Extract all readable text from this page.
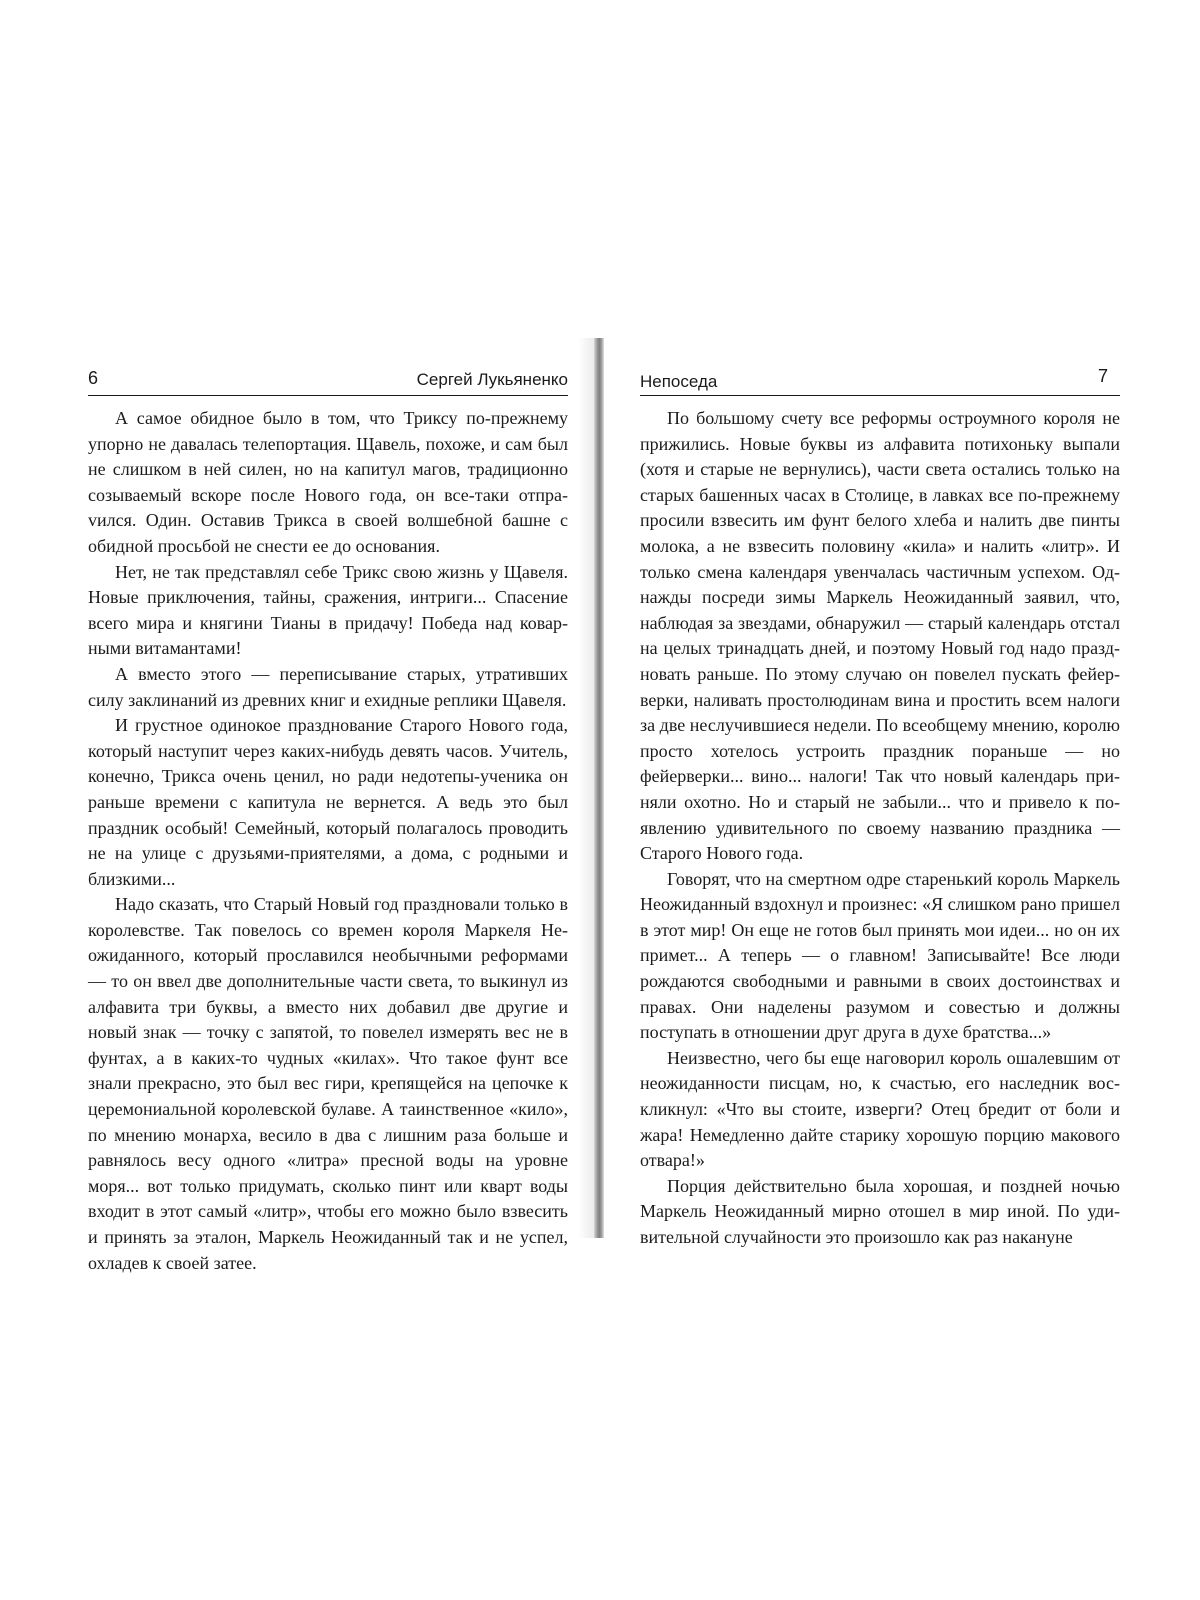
6	Сергей Лукьяненко

А самое обидное было в том, что Триксу по-прежнему упорно не давалась телепортация. Щавель, похоже, и сам был не слишком в ней силен, но на капитул магов, традиционно созываемый вскоре после Нового года, он все-таки отпраvился. Один. Оставив Трикса в своей волшебной башне с обидной просьбой не снести ее до основания.

Нет, не так представлял себе Трикс свою жизнь у Щавеля. Новые приключения, тайны, сражения, интриги... Спасение всего мира и княгини Тианы в придачу! Победа над коварными витамантами!

А вместо этого — переписывание старых, утративших силу заклинаний из древних книг и ехидные реплики Щавеля.

И грустное одинокое празднование Старого Нового года, который наступит через каких-нибудь девять часов. Учитель, конечно, Трикса очень ценил, но ради недотепы-ученика он раньше времени с капитула не вернется. А ведь это был праздник особый! Семейный, который полагалось проводить не на улице с друзьями-приятелями, а дома, с родными и близкими...

Надо сказать, что Старый Новый год праздновали только в королевстве. Так повелось со времен короля Маркеля Неожиданного, который прославился необычными реформами — то он ввел две дополнительные части света, то выкинул из алфавита три буквы, а вместо них добавил две другие и новый знак — точку с запятой, то повелел измерять вес не в фунтах, а в каких-то чудных «килах». Что такое фунт все знали прекрасно, это был вес гири, крепящейся на цепочке к церемониальной королевской булаве. А таинственное «кило», по мнению монарха, весило в два с лишним раза больше и равнялось весу одного «литра» пресной воды на уровне моря... вот только придумать, сколько пинт или кварт воды входит в этот самый «литр», чтобы его можно было взвесить и принять за эталон, Маркель Неожиданный так и не успел, охладев к своей затее.

Непоседа	7

По большому счету все реформы остроумного короля не прижились. Новые буквы из алфавита потихоньку выпали (хотя и старые не вернулись), части света остались только на старых башенных часах в Столице, в лавках все по-прежнему просили взвесить им фунт белого хлеба и налить две пинты молока, а не взвесить половину «кила» и налить «литр». И только смена календаря увенчалась частичным успехом. Однажды посреди зимы Маркель Неожиданный заявил, что, наблюдая за звездами, обнаружил — старый календарь отстал на целых тринадцать дней, и поэтому Новый год надо праздновать раньше. По этому случаю он повелел пускать фейерверки, наливать простолюдинам вина и простить всем налоги за две неслучившиеся недели. По всеобщему мнению, королю просто хотелось устроить праздник пораньше — но фейерверки... вино... налоги! Так что новый календарь приняли охотно. Но и старый не забыли... что и привело к появлению удивительного по своему названию праздника — Старого Нового года.

Говорят, что на смертном одре старенький король Маркель Неожиданный вздохнул и произнес: «Я слишком рано пришел в этот мир! Он еще не готов был принять мои идеи... но он их примет... А теперь — о главном! Записывайте! Все люди рождаются свободными и равными в своих достоинствах и правах. Они наделены разумом и совестью и должны поступать в отношении друг друга в духе братства...»

Неизвестно, чего бы еще наговорил король ошалевшим от неожиданности писцам, но, к счастью, его наследник воскликнул: «Что вы стоите, изверги? Отец бредит от боли и жара! Немедленно дайте старику хорошую порцию макового отвара!»

Порция действительно была хорошая, и поздней ночью Маркель Неожиданный мирно отошел в мир иной. По удивительной случайности это произошло как раз накануне
